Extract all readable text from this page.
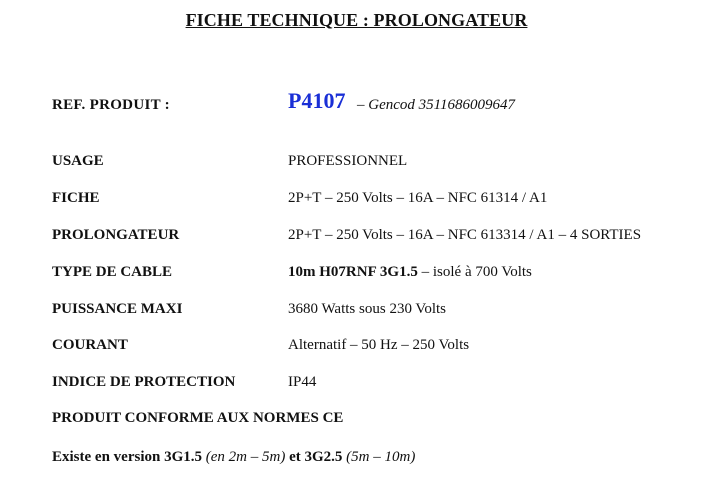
FICHE TECHNIQUE : PROLONGATEUR
REF. PRODUIT :	P4107 – Gencod 3511686009647
USAGE	PROFESSIONNEL
FICHE	2P+T – 250 Volts – 16A – NFC 61314 / A1
PROLONGATEUR	2P+T – 250 Volts – 16A – NFC 613314 / A1 – 4 SORTIES
TYPE DE CABLE	10m H07RNF 3G1.5 – isolé à 700 Volts
PUISSANCE MAXI	3680 Watts sous 230 Volts
COURANT	Alternatif – 50 Hz – 250 Volts
INDICE DE PROTECTION	IP44
PRODUIT CONFORME AUX NORMES CE
Existe en version 3G1.5 (en 2m – 5m) et 3G2.5 (5m – 10m)
